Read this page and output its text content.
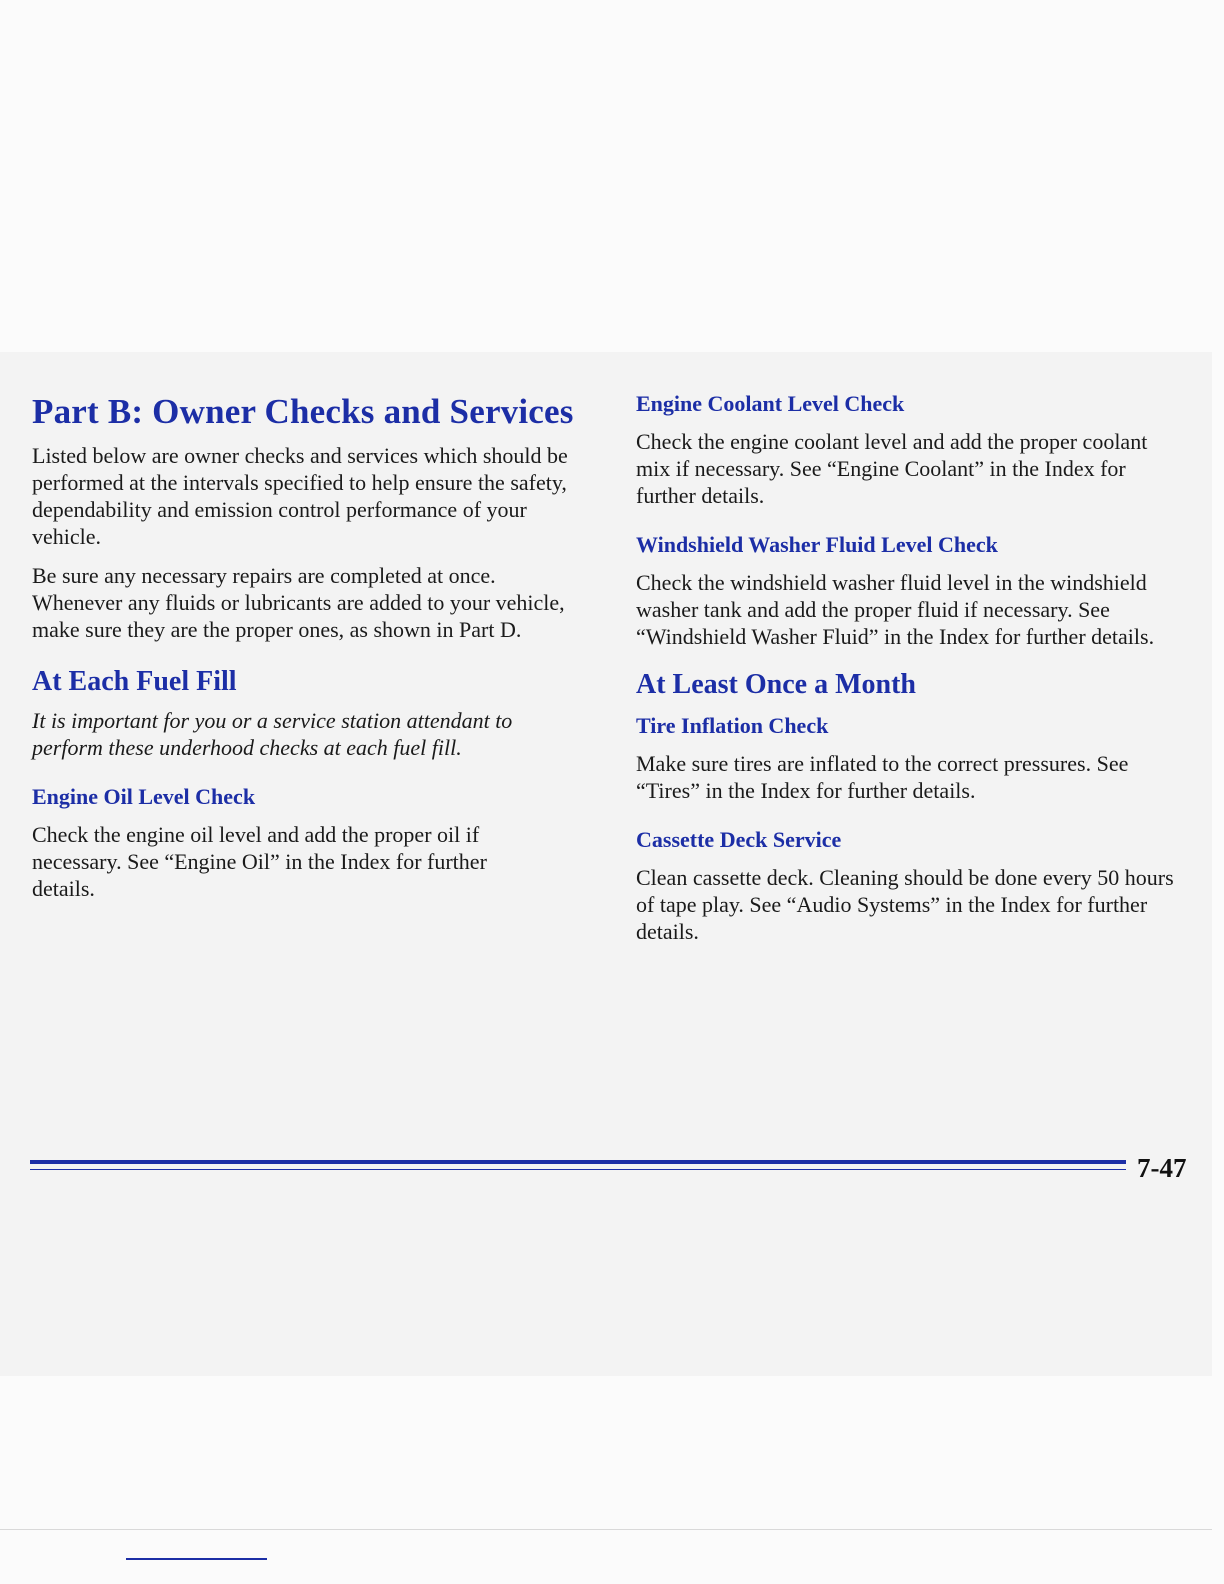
Part B: Owner Checks and Services

Listed below are owner checks and services which should be performed at the intervals specified to help ensure the safety, dependability and emission control performance of your vehicle.

Be sure any necessary repairs are completed at once. Whenever any fluids or lubricants are added to your vehicle, make sure they are the proper ones, as shown in Part D.

At Each Fuel Fill

It is important for you or a service station attendant to perform these underhood checks at each fuel fill.

Engine Oil Level Check

Check the engine oil level and add the proper oil if necessary. See “Engine Oil” in the Index for further details.

Engine Coolant Level Check

Check the engine coolant level and add the proper coolant mix if necessary. See “Engine Coolant” in the Index for further details.

Windshield Washer Fluid Level Check

Check the windshield washer fluid level in the windshield washer tank and add the proper fluid if necessary. See “Windshield Washer Fluid” in the Index for further details.

At Least Once a Month
Tire Inflation Check

Make sure tires are inflated to the correct pressures. See “Tires” in the Index for further details.

Cassette Deck Service

Clean cassette deck. Cleaning should be done every 50 hours of tape play. See “Audio Systems” in the Index for further details.

7-47
